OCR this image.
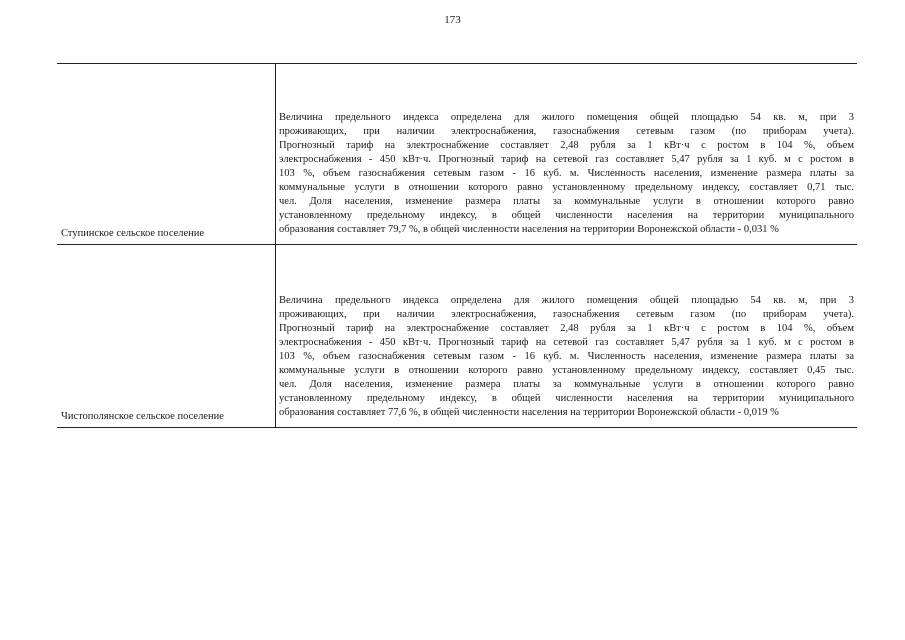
173
Ступинское сельское поселение
Величина предельного индекса определена для жилого помещения общей площадью 54 кв. м, при 3
проживающих, при наличии электроснабжения, газоснабжения сетевым газом (по приборам учета).
Прогнозный тариф на электроснабжение составляет 2,48 рубля за 1 кВт·ч с ростом в 104 %, объем
электроснабжения - 450 кВт·ч. Прогнозный тариф на сетевой газ составляет 5,47 рубля за 1 куб. м с ростом в
103 %, объем газоснабжения сетевым газом - 16 куб. м. Численность населения, изменение размера платы за
коммунальные услуги в отношении которого равно установленному предельному индексу, составляет 0,71 тыс.
чел. Доля населения, изменение размера платы за коммунальные услуги в отношении которого равно
установленному предельному индексу, в общей численности населения на территории муниципального
образования составляет 79,7 %, в общей численности населения на территории Воронежской области - 0,031 %
Чистополянское сельское поселение
Величина предельного индекса определена для жилого помещения общей площадью 54 кв. м, при 3
проживающих, при наличии электроснабжения, газоснабжения сетевым газом (по приборам учета).
Прогнозный тариф на электроснабжение составляет 2,48 рубля за 1 кВт·ч с ростом в 104 %, объем
электроснабжения - 450 кВт·ч. Прогнозный тариф на сетевой газ составляет 5,47 рубля за 1 куб. м с ростом в
103 %, объем газоснабжения сетевым газом - 16 куб. м. Численность населения, изменение размера платы за
коммунальные услуги в отношении которого равно установленному предельному индексу, составляет 0,45 тыс.
чел. Доля населения, изменение размера платы за коммунальные услуги в отношении которого равно
установленному предельному индексу, в общей численности населения на территории муниципального
образования составляет 77,6 %, в общей численности населения на территории Воронежской области - 0,019 %
